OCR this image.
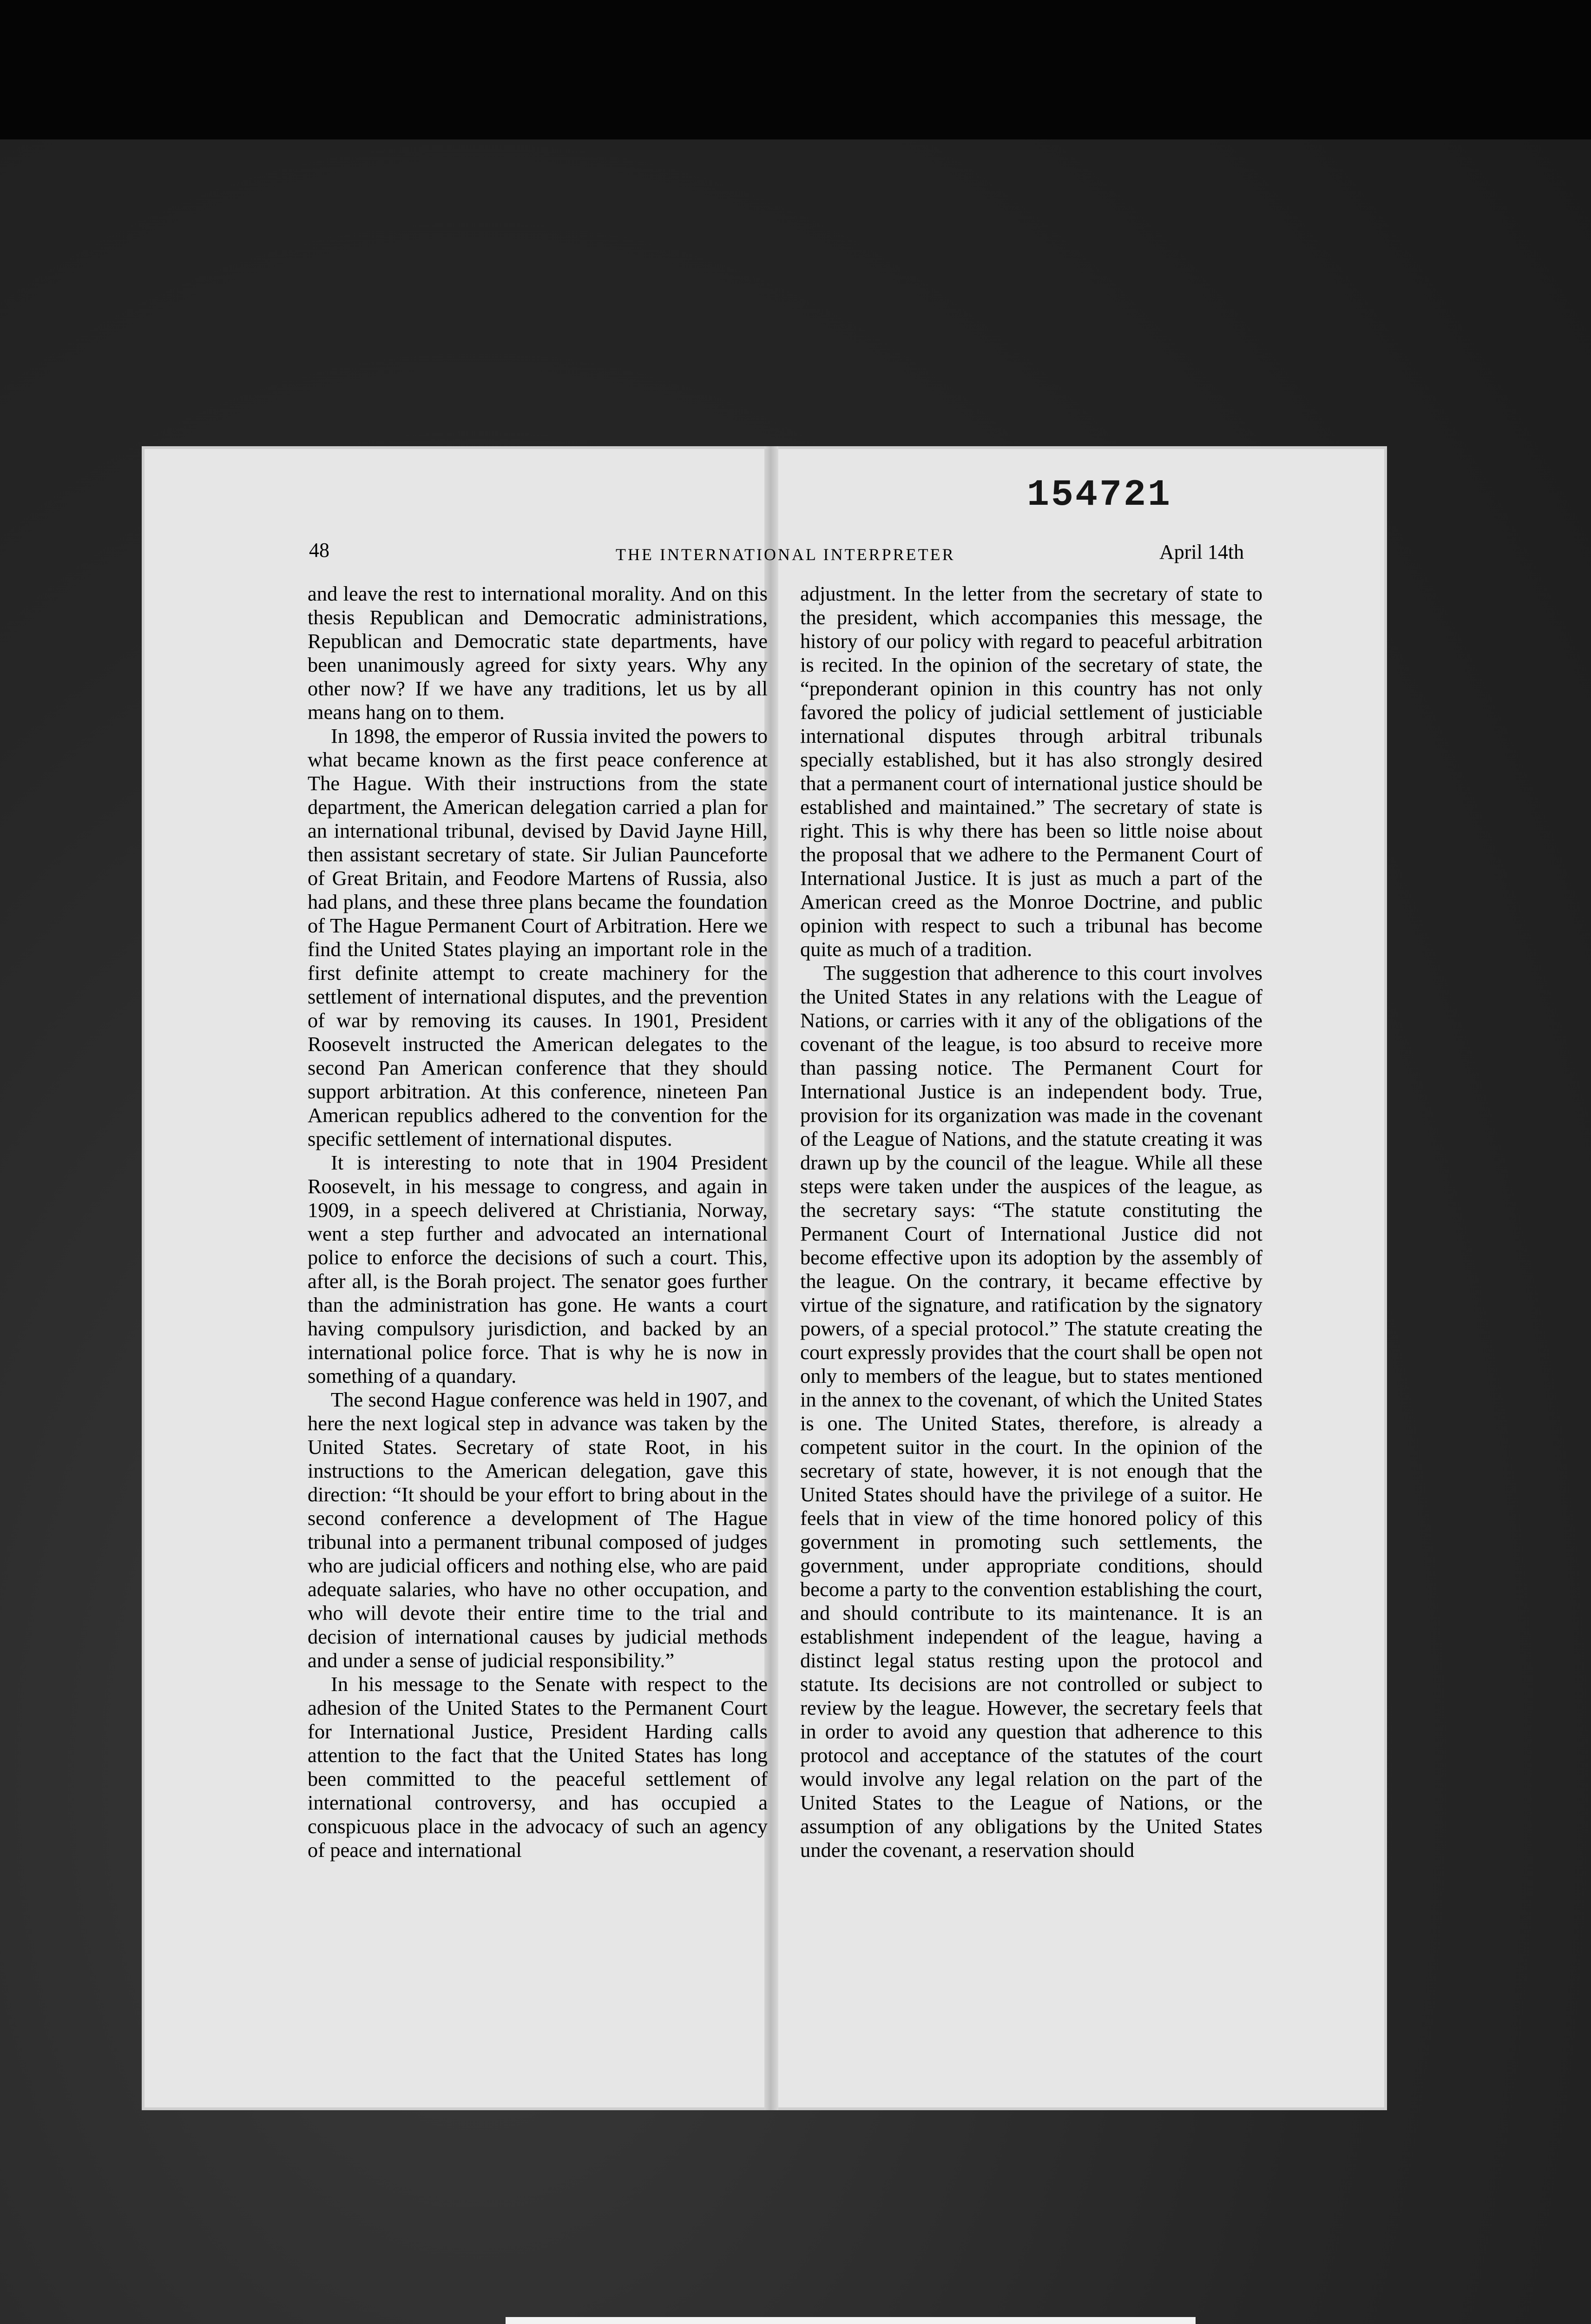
154721
48	THE INTERNATIONAL INTERPRETER	April 14th

and leave the rest to international morality. And on this thesis Republican and Democratic administrations, Republican and Democratic state departments, have been unanimously agreed for sixty years. Why any other now? If we have any traditions, let us by all means hang on to them.

In 1898, the emperor of Russia invited the powers to what became known as the first peace conference at The Hague. With their instructions from the state department, the American delegation carried a plan for an international tribunal, devised by David Jayne Hill, then assistant secretary of state. Sir Julian Paunceforte of Great Britain, and Feodore Martens of Russia, also had plans, and these three plans became the foundation of The Hague Permanent Court of Arbitration. Here we find the United States playing an important role in the first definite attempt to create machinery for the settlement of international disputes, and the prevention of war by removing its causes. In 1901, President Roosevelt instructed the American delegates to the second Pan American conference that they should support arbitration. At this conference, nineteen Pan American republics adhered to the convention for the specific settlement of international disputes.

It is interesting to note that in 1904 President Roosevelt, in his message to congress, and again in 1909, in a speech delivered at Christiania, Norway, went a step further and advocated an international police to enforce the decisions of such a court. This, after all, is the Borah project. The senator goes further than the administration has gone. He wants a court having compulsory jurisdiction, and backed by an international police force. That is why he is now in something of a quandary.

The second Hague conference was held in 1907, and here the next logical step in advance was taken by the United States. Secretary of state Root, in his instructions to the American delegation, gave this direction: “It should be your effort to bring about in the second conference a development of The Hague tribunal into a permanent tribunal composed of judges who are judicial officers and nothing else, who are paid adequate salaries, who have no other occupation, and who will devote their entire time to the trial and decision of international causes by judicial methods and under a sense of judicial responsibility.”

In his message to the Senate with respect to the adhesion of the United States to the Permanent Court for International Justice, President Harding calls attention to the fact that the United States has long been committed to the peaceful settlement of international controversy, and has occupied a conspicuous place in the advocacy of such an agency of peace and international

adjustment. In the letter from the secretary of state to the president, which accompanies this message, the history of our policy with regard to peaceful arbitration is recited. In the opinion of the secretary of state, the “preponderant opinion in this country has not only favored the policy of judicial settlement of justiciable international disputes through arbitral tribunals specially established, but it has also strongly desired that a permanent court of international justice should be established and maintained.” The secretary of state is right. This is why there has been so little noise about the proposal that we adhere to the Permanent Court of International Justice. It is just as much a part of the American creed as the Monroe Doctrine, and public opinion with respect to such a tribunal has become quite as much of a tradition.

The suggestion that adherence to this court involves the United States in any relations with the League of Nations, or carries with it any of the obligations of the covenant of the league, is too absurd to receive more than passing notice. The Permanent Court for International Justice is an independent body. True, provision for its organization was made in the covenant of the League of Nations, and the statute creating it was drawn up by the council of the league. While all these steps were taken under the auspices of the league, as the secretary says: “The statute constituting the Permanent Court of International Justice did not become effective upon its adoption by the assembly of the league. On the contrary, it became effective by virtue of the signature, and ratification by the signatory powers, of a special protocol.” The statute creating the court expressly provides that the court shall be open not only to members of the league, but to states mentioned in the annex to the covenant, of which the United States is one. The United States, therefore, is already a competent suitor in the court. In the opinion of the secretary of state, however, it is not enough that the United States should have the privilege of a suitor. He feels that in view of the time honored policy of this government in promoting such settlements, the government, under appropriate conditions, should become a party to the convention establishing the court, and should contribute to its maintenance. It is an establishment independent of the league, having a distinct legal status resting upon the protocol and statute. Its decisions are not controlled or subject to review by the league. However, the secretary feels that in order to avoid any question that adherence to this protocol and acceptance of the statutes of the court would involve any legal relation on the part of the United States to the League of Nations, or the assumption of any obligations by the United States under the covenant, a reservation should
